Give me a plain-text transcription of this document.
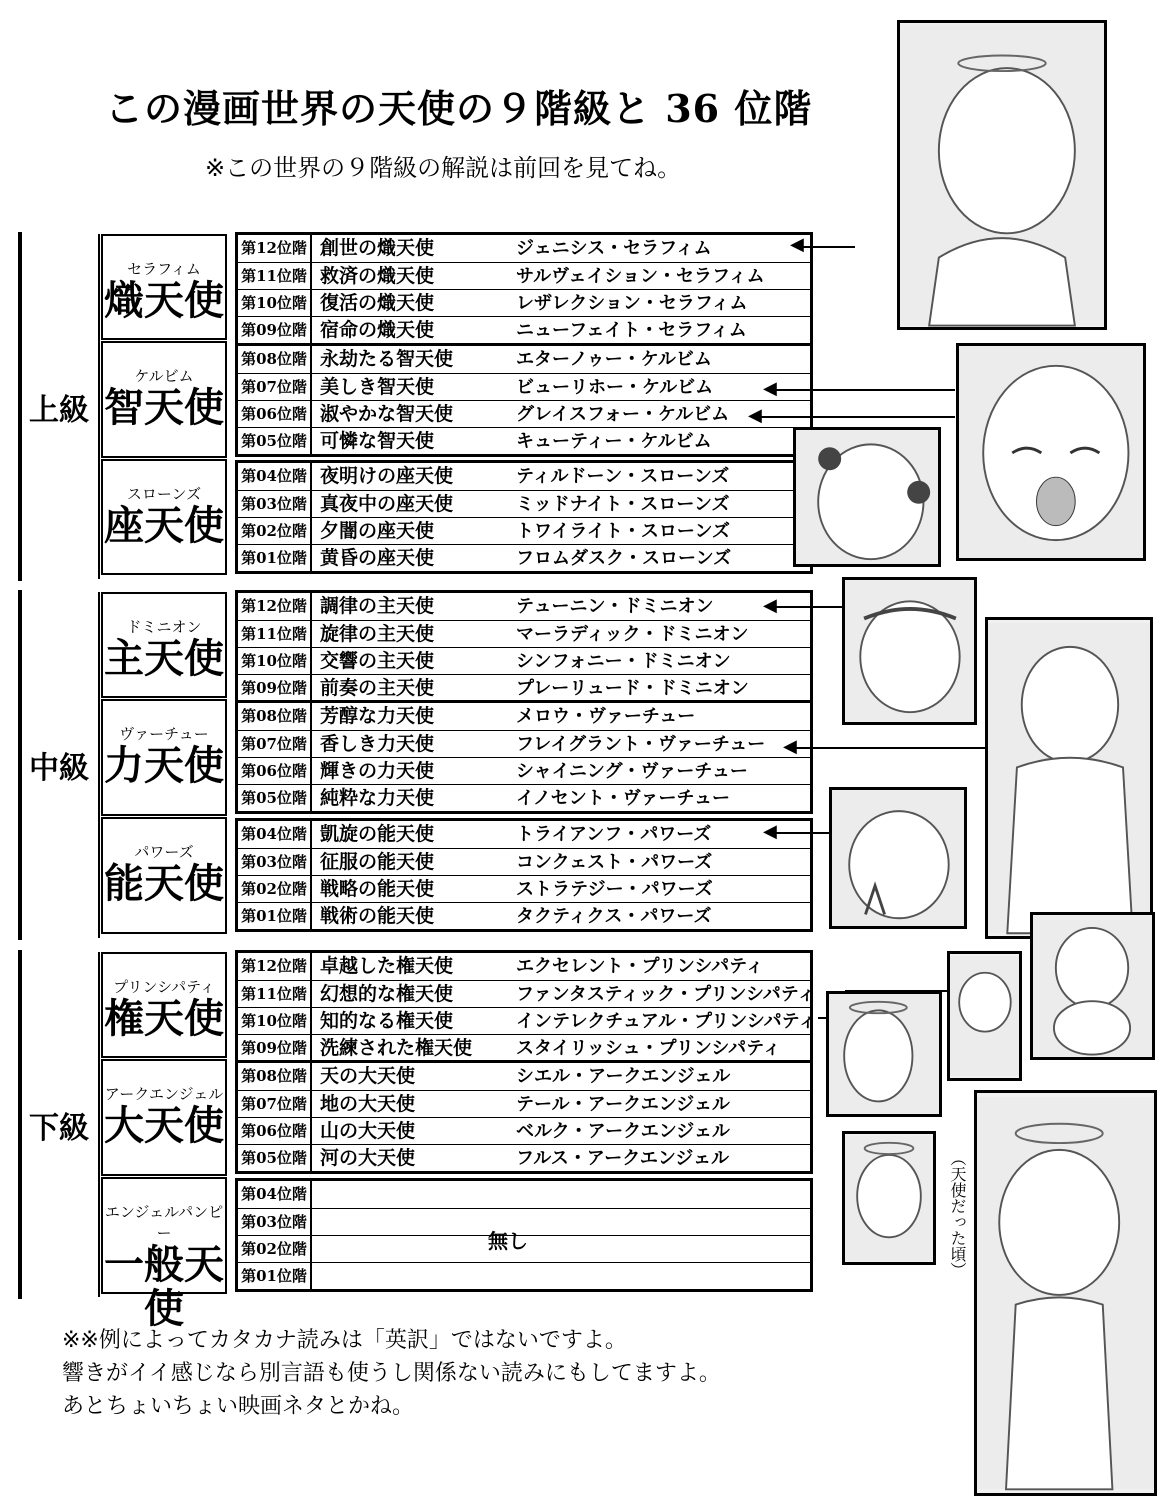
この漫画世界の天使の９階級と 36 位階
※この世界の９階級の解説は前回を見てね。
上級
中級
下級
セラフィム
熾天使
ケルビム
智天使
スローンズ
座天使
ドミニオン
主天使
ヴァーチュー
力天使
パワーズ
能天使
プリンシパティ
権天使
アークエンジェル
大天使
エンジェルパンピー
一般天使
第12位階 創世の熾天使	ジェニシス・セラフィム
第11位階 救済の熾天使	サルヴェイション・セラフィム
第10位階 復活の熾天使	レザレクション・セラフィム
第09位階 宿命の熾天使	ニューフェイト・セラフィム
第08位階 永劫たる智天使	エターノゥー・ケルビム
第07位階 美しき智天使	ビューリホー・ケルビム
第06位階 淑やかな智天使	グレイスフォー・ケルビム
第05位階 可憐な智天使	キューティー・ケルビム
第04位階 夜明けの座天使	ティルドーン・スローンズ
第03位階 真夜中の座天使	ミッドナイト・スローンズ
第02位階 夕闇の座天使	トワイライト・スローンズ
第01位階 黄昏の座天使	フロムダスク・スローンズ
第12位階 調律の主天使	テューニン・ドミニオン
第11位階 旋律の主天使	マーラディック・ドミニオン
第10位階 交響の主天使	シンフォニー・ドミニオン
第09位階 前奏の主天使	プレーリュード・ドミニオン
第08位階 芳醇な力天使	メロウ・ヴァーチュー
第07位階 香しき力天使	フレイグラント・ヴァーチュー
第06位階 輝きの力天使	シャイニング・ヴァーチュー
第05位階 純粋な力天使	イノセント・ヴァーチュー
第04位階 凱旋の能天使	トライアンフ・パワーズ
第03位階 征服の能天使	コンクェスト・パワーズ
第02位階 戦略の能天使	ストラテジー・パワーズ
第01位階 戦術の能天使	タクティクス・パワーズ
第12位階 卓越した権天使	エクセレント・プリンシパティ
第11位階 幻想的な権天使	ファンタスティック・プリンシパティ
第10位階 知的なる権天使	インテレクチュアル・プリンシパティ
第09位階 洗練された権天使 スタイリッシュ・プリンシパティ
第08位階 天の大天使	シエル・アークエンジェル
第07位階 地の大天使	テール・アークエンジェル
第06位階 山の大天使	ベルク・アークエンジェル
第05位階 河の大天使	フルス・アークエンジェル
第04位階
第03位階
第02位階
第01位階
無し
◀
◀
◀
◀
◀
◀
※※例によってカタカナ読みは「英訳」ではないですよ。
響きがイイ感じなら別言語も使うし関係ない読みにもしてますよ。
あとちょいちょい映画ネタとかね。
（天使だった頃）
